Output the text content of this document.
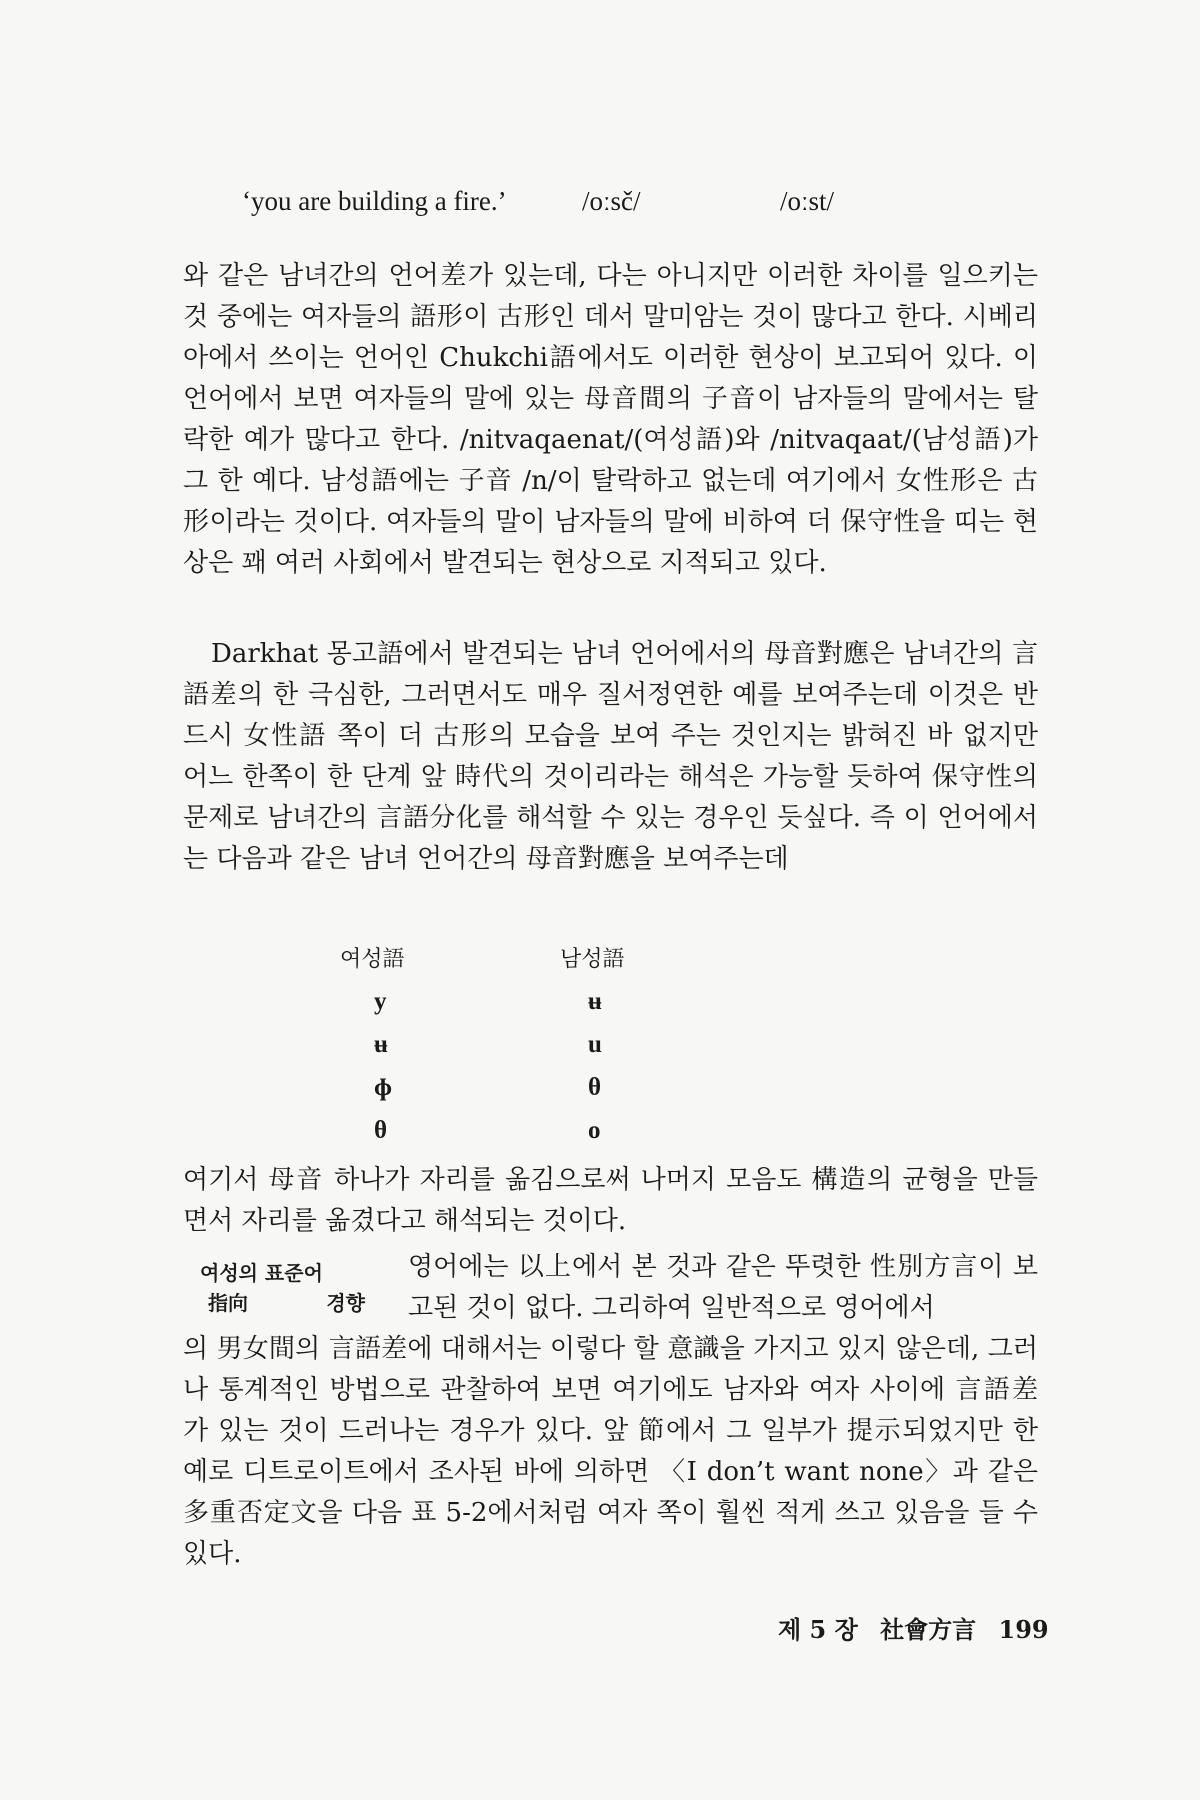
‘you are building a fire.’	/oːsč/	/oːst/

와 같은 남녀간의 언어差가 있는데, 다는 아니지만 이러한 차이를 일으키는 것 중에는 여자들의 語形이 古形인 데서 말미암는 것이 많다고 한다. 시베리아에서 쓰이는 언어인 Chukchi語에서도 이러한 현상이 보고되어 있다. 이 언어에서 보면 여자들의 말에 있는 母音間의 子音이 남자들의 말에서는 탈락한 예가 많다고 한다. /nitvaqaenat/(여성語)와 /nitvaqaat/(남성語)가 그 한 예다. 남성語에는 子音 /n/이 탈락하고 없는데 여기에서 女性形은 古形이라는 것이다. 여자들의 말이 남자들의 말에 비하여 더 保守性을 띠는 현상은 꽤 여러 사회에서 발견되는 현상으로 지적되고 있다.

Darkhat 몽고語에서 발견되는 남녀 언어에서의 母音對應은 남녀간의 言語差의 한 극심한, 그러면서도 매우 질서정연한 예를 보여주는데 이것은 반드시 女性語 쪽이 더 古形의 모습을 보여 주는 것인지는 밝혀진 바 없지만 어느 한쪽이 한 단계 앞 時代의 것이리라는 해석은 가능할 듯하여 保守性의 문제로 남녀간의 言語分化를 해석할 수 있는 경우인 듯싶다. 즉 이 언어에서는 다음과 같은 남녀 언어간의 母音對應을 보여주는데

여성語	남성語
y	ʉ
ʉ	u
ɸ	θ
θ	o

여기서 母音 하나가 자리를 옮김으로써 나머지 모음도 構造의 균형을 만들면서 자리를 옮겼다고 해석되는 것이다.

여성의 표준어
指向	경향

영어에는 以上에서 본 것과 같은 뚜렷한 性別方言이 보고된 것이 없다. 그리하여 일반적으로 영어에서

의 男女間의 言語差에 대해서는 이렇다 할 意識을 가지고 있지 않은데, 그러나 통계적인 방법으로 관찰하여 보면 여기에도 남자와 여자 사이에 言語差가 있는 것이 드러나는 경우가 있다. 앞 節에서 그 일부가 提示되었지만 한 예로 디트로이트에서 조사된 바에 의하면 〈I don’t want none〉과 같은 多重否定文을 다음 표 5-2에서처럼 여자 쪽이 훨씬 적게 쓰고 있음을 들 수 있다.

제 5 장 社會方言 199
